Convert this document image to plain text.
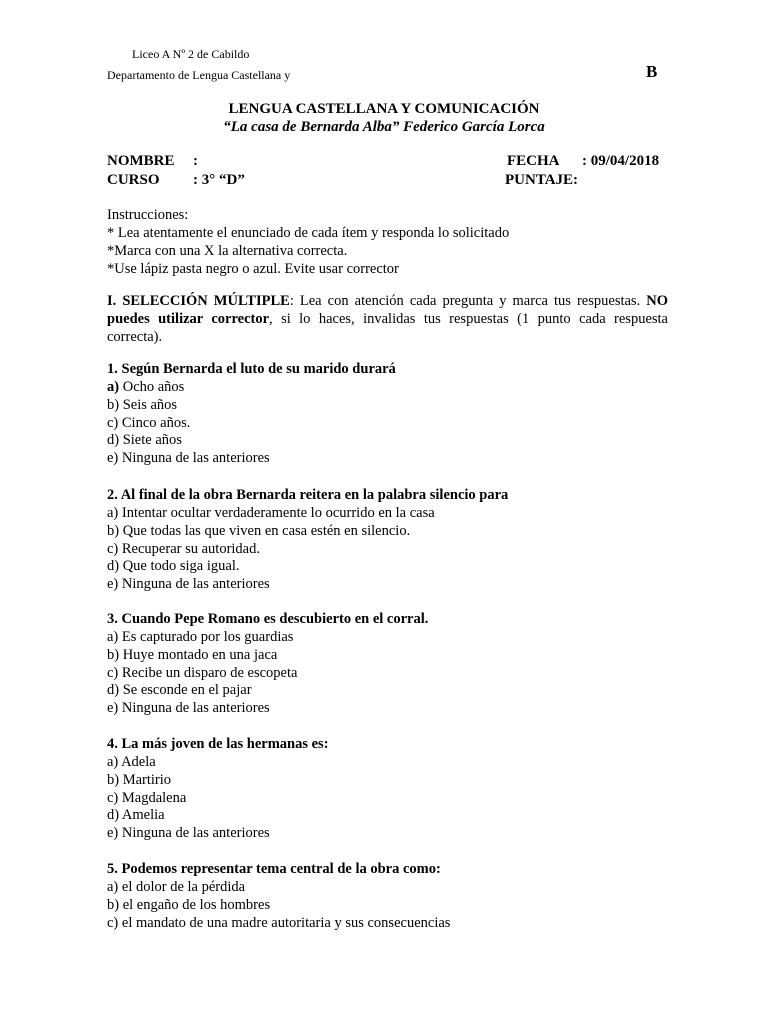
Liceo A Nº 2 de Cabildo
Departamento de Lengua Castellana y	B
LENGUA CASTELLANA Y COMUNICACIÓN
“La casa de Bernarda Alba” Federico García Lorca
NOMBRE :
CURSO : 3° “D”
FECHA : 09/04/2018
PUNTAJE:
Instrucciones:
* Lea atentamente el enunciado de cada ítem y responda lo solicitado
*Marca con una X la alternativa correcta.
*Use lápiz pasta negro o azul. Evite usar corrector
I. SELECCIÓN MÚLTIPLE: Lea con atención cada pregunta y marca tus respuestas. NO puedes utilizar corrector, si lo haces, invalidas tus respuestas (1 punto cada respuesta correcta).
1. Según Bernarda el luto de su marido durará
a) Ocho años
b) Seis años
c) Cinco años.
d) Siete años
e) Ninguna de las anteriores
2. Al final de la obra Bernarda reitera en la palabra silencio para
a) Intentar ocultar verdaderamente lo ocurrido en la casa
b) Que todas las que viven en casa estén en silencio.
c) Recuperar su autoridad.
d) Que todo siga igual.
e) Ninguna de las anteriores
3. Cuando Pepe Romano es descubierto en el corral.
a) Es capturado por los guardias
b) Huye montado en una jaca
c) Recibe un disparo de escopeta
d) Se esconde en el pajar
e) Ninguna de las anteriores
4. La más joven de las hermanas es:
a) Adela
b) Martirio
c) Magdalena
d) Amelia
e) Ninguna de las anteriores
5. Podemos representar tema central de la obra como:
a) el dolor de la pérdida
b) el engaño de los hombres
c) el mandato de una madre autoritaria y sus consecuencias
